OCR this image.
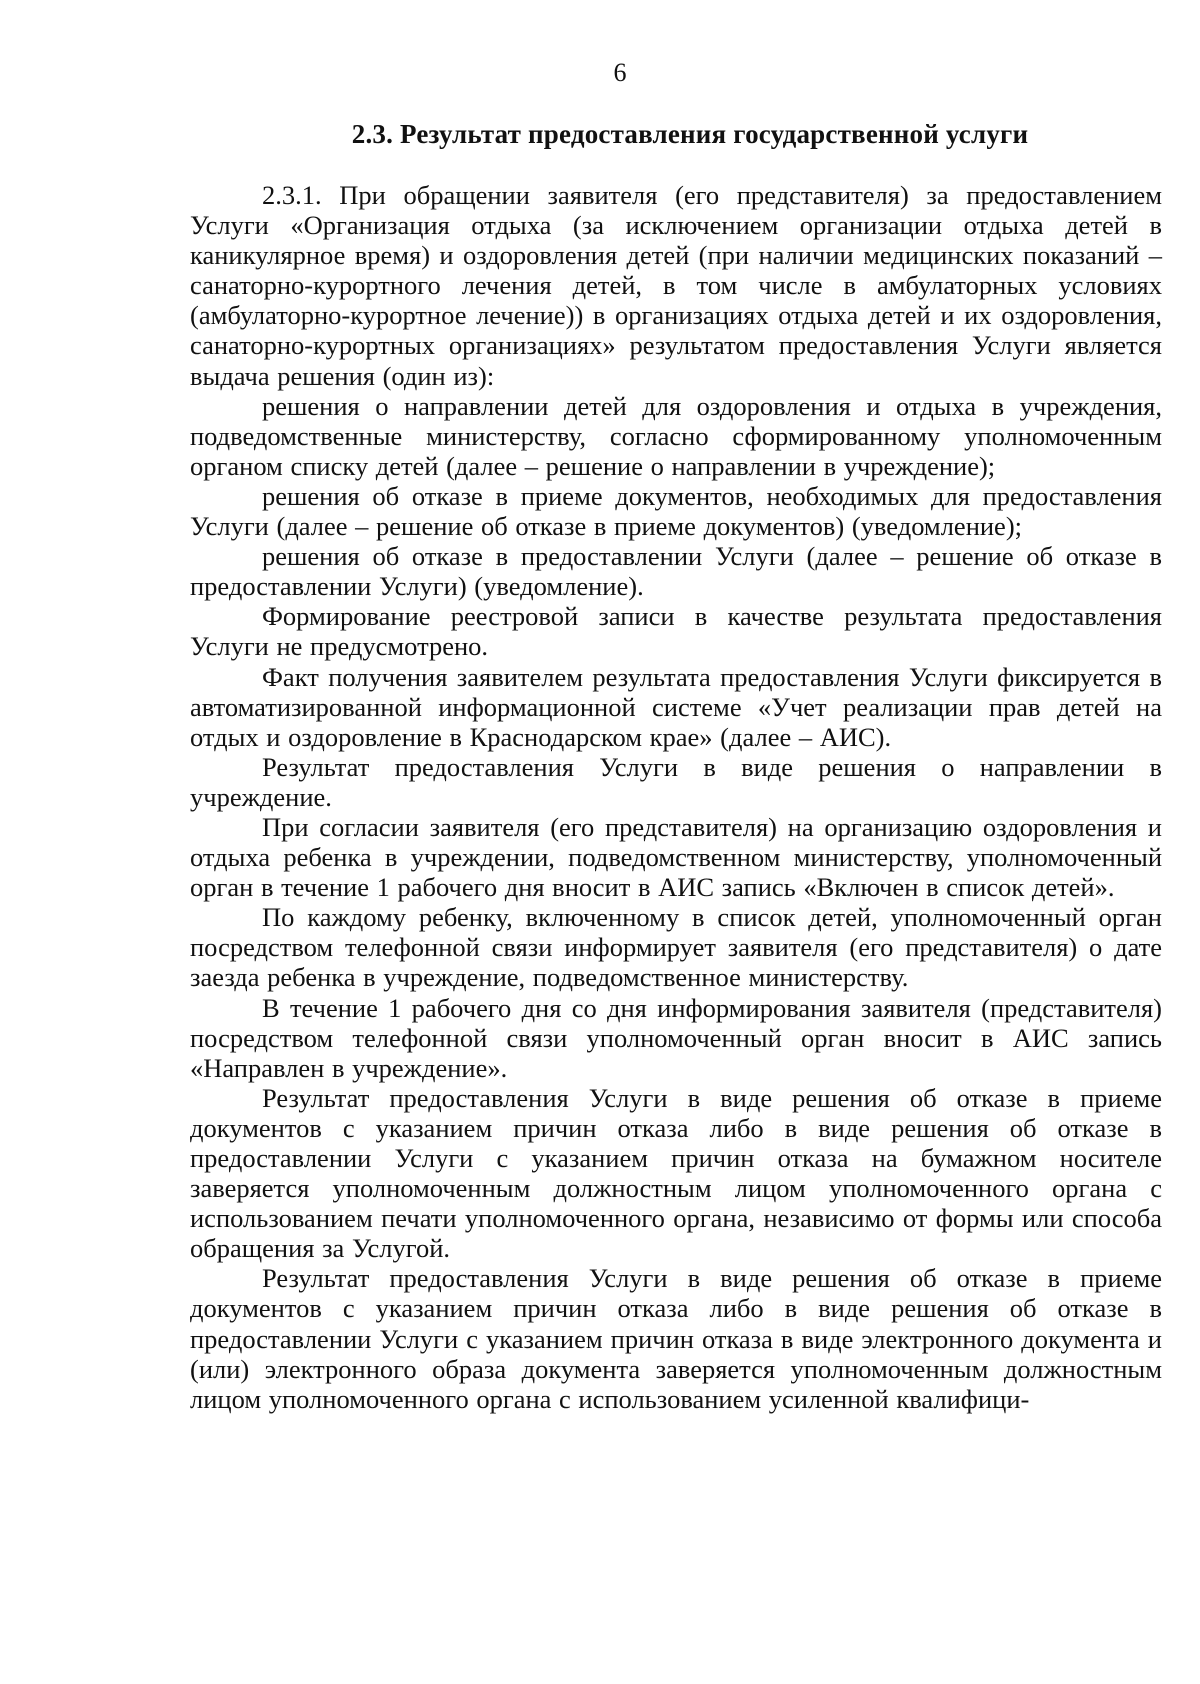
6
2.3. Результат предоставления государственной услуги

2.3.1. При обращении заявителя (его представителя) за предоставлением Услуги «Организация отдыха (за исключением организации отдыха детей в каникулярное время) и оздоровления детей (при наличии медицинских показаний – санаторно-курортного лечения детей, в том числе в амбулаторных условиях (амбулаторно-курортное лечение)) в организациях отдыха детей и их оздоровления, санаторно-курортных организациях» результатом предоставления Услуги является выдача решения (один из):

решения о направлении детей для оздоровления и отдыха в учреждения, подведомственные министерству, согласно сформированному уполномоченным органом списку детей (далее – решение о направлении в учреждение);

решения об отказе в приеме документов, необходимых для предоставления Услуги (далее – решение об отказе в приеме документов) (уведомление);

решения об отказе в предоставлении Услуги (далее – решение об отказе в предоставлении Услуги) (уведомление).

Формирование реестровой записи в качестве результата предоставления Услуги не предусмотрено.

Факт получения заявителем результата предоставления Услуги фиксируется в автоматизированной информационной системе «Учет реализации прав детей на отдых и оздоровление в Краснодарском крае» (далее – АИС).

Результат предоставления Услуги в виде решения о направлении в учреждение.

При согласии заявителя (его представителя) на организацию оздоровления и отдыха ребенка в учреждении, подведомственном министерству, уполномоченный орган в течение 1 рабочего дня вносит в АИС запись «Включен в список детей».

По каждому ребенку, включенному в список детей, уполномоченный орган посредством телефонной связи информирует заявителя (его представителя) о дате заезда ребенка в учреждение, подведомственное министерству.

В течение 1 рабочего дня со дня информирования заявителя (представителя) посредством телефонной связи уполномоченный орган вносит в АИС запись «Направлен в учреждение».

Результат предоставления Услуги в виде решения об отказе в приеме документов с указанием причин отказа либо в виде решения об отказе в предоставлении Услуги с указанием причин отказа на бумажном носителе заверяется уполномоченным должностным лицом уполномоченного органа с использованием печати уполномоченного органа, независимо от формы или способа обращения за Услугой.

Результат предоставления Услуги в виде решения об отказе в приеме документов с указанием причин отказа либо в виде решения об отказе в предоставлении Услуги с указанием причин отказа в виде электронного документа и (или) электронного образа документа заверяется уполномоченным должностным лицом уполномоченного органа с использованием усиленной квалифици-
